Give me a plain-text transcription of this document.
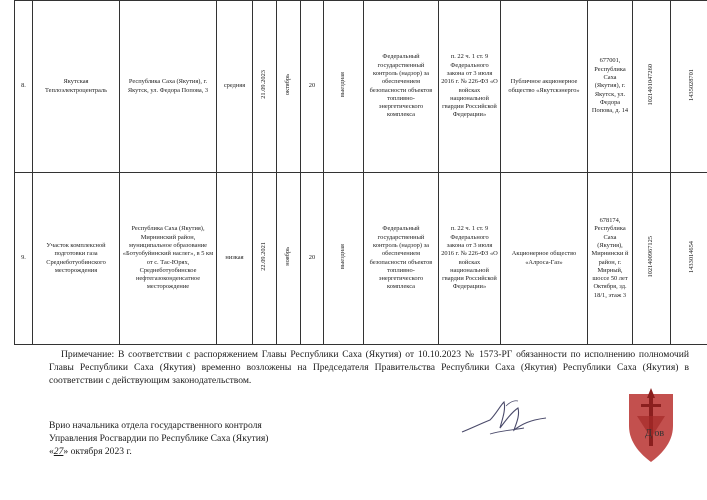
8.	Якутская Теплоэлектроцентраль	Республика Саха (Якутия), г. Якутск, ул. Федора Попова, 3	средняя	21.09.2023	октябрь	20	выездная	Федеральный государственный контроль (надзор) за обеспечением безопасности объектов топливно-энергетического комплекса	п. 22 ч. 1 ст. 9 Федерального закона от 3 июля 2016 г. № 226-ФЗ «О войсках национальной гвардии Российской Федерации»	Публичное акционерное общество «Якутскэнерго»	677001, Республика Саха (Якутия), г. Якутск, ул. Федора Попова, д. 14	1021401047260	1435028701
9.	Участок комплексной подготовки газа Среднеботуобинского месторождения	Республика Саха (Якутия), Мирнинский район, муниципальное образование «Ботуобуйинский наслег», в 5 км от с. Тас-Юрях, Среднеботуобинское нефтегазоконденсатное месторождение	низкая	22.09.2021	ноябрь	20	выездная	Федеральный государственный контроль (надзор) за обеспечением безопасности объектов топливно-энергетического комплекса	п. 22 ч. 1 ст. 9 Федерального закона от 3 июля 2016 г. № 226-ФЗ «О войсках национальной гвардии Российской Федерации»	Акционерное общество «Алроса-Газ»	678174, Республика Саха (Якутия), Мирнински й район, г. Мирный, шоссе 50 лет Октября, зд. 18/1, этаж 3	1021400967125	1433014654
Примечание: В соответствии с распоряжением Главы Республики Саха (Якутия) от 10.10.2023 № 1573-РГ обязанности по исполнению полномочий Главы Республики Саха (Якутия) временно возложены на Председателя Правительства Республики Саха (Якутия) Республики Саха (Якутия) в соответствии с действующим законодательством.
Врио начальника отдела государственного контроля
Управления Росгвардии по Республике Саха (Якутия)
«27» октября 2023 г.
Д ов
